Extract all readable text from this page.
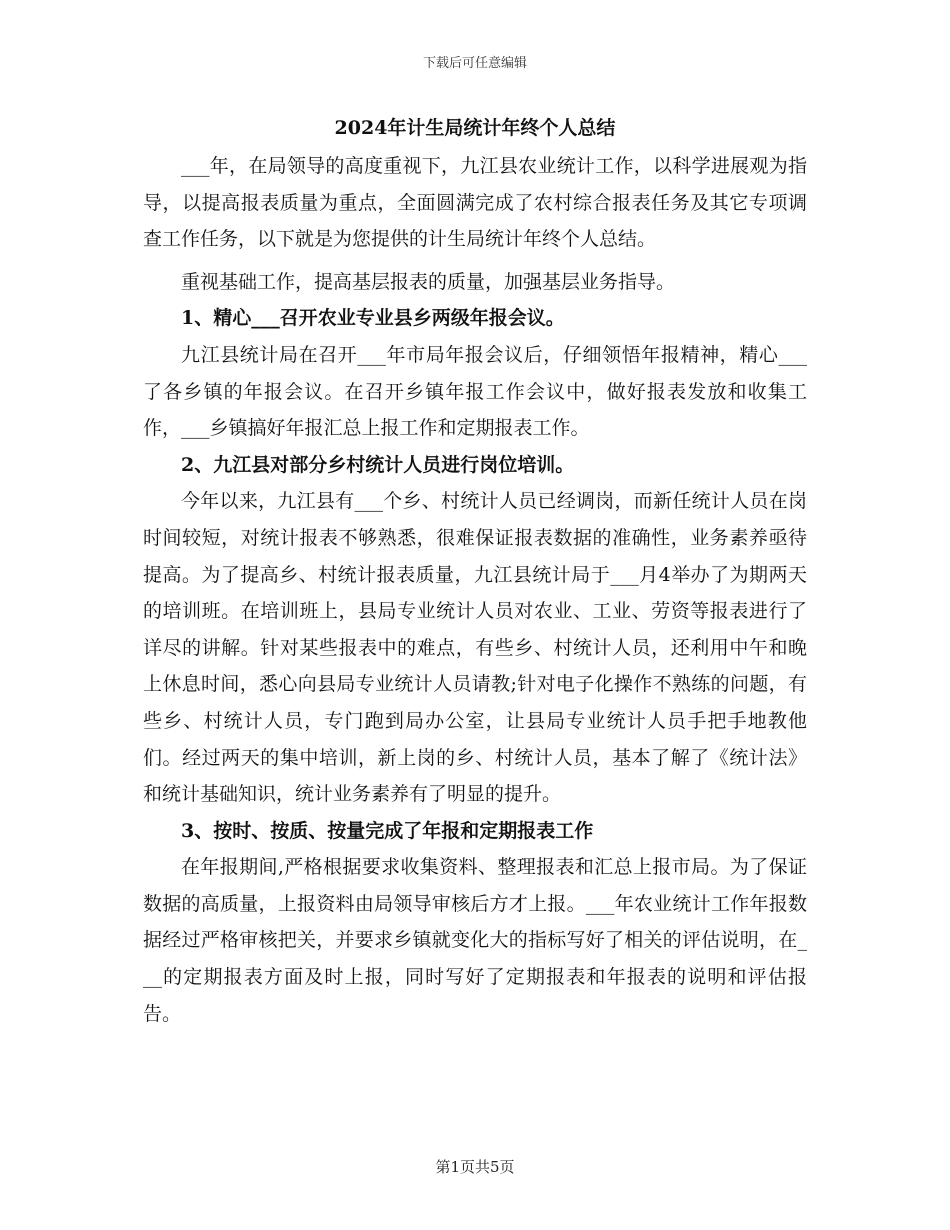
下载后可任意编辑
2024年计生局统计年终个人总结

___年，在局领导的高度重视下，九江县农业统计工作，以科学进展观为指导，以提高报表质量为重点，全面圆满完成了农村综合报表任务及其它专项调查工作任务，以下就是为您提供的计生局统计年终个人总结。

重视基础工作，提高基层报表的质量，加强基层业务指导。

1、精心___召开农业专业县乡两级年报会议。

九江县统计局在召开___年市局年报会议后，仔细领悟年报精神，精心___了各乡镇的年报会议。在召开乡镇年报工作会议中，做好报表发放和收集工作，___乡镇搞好年报汇总上报工作和定期报表工作。

2、九江县对部分乡村统计人员进行岗位培训。

今年以来，九江县有___个乡、村统计人员已经调岗，而新任统计人员在岗时间较短，对统计报表不够熟悉，很难保证报表数据的准确性，业务素养亟待提高。为了提高乡、村统计报表质量，九江县统计局于___月4举办了为期两天的培训班。在培训班上，县局专业统计人员对农业、工业、劳资等报表进行了详尽的讲解。针对某些报表中的难点，有些乡、村统计人员，还利用中午和晚上休息时间，悉心向县局专业统计人员请教;针对电子化操作不熟练的问题，有些乡、村统计人员，专门跑到局办公室，让县局专业统计人员手把手地教他们。经过两天的集中培训，新上岗的乡、村统计人员，基本了解了《统计法》和统计基础知识，统计业务素养有了明显的提升。

3、按时、按质、按量完成了年报和定期报表工作

在年报期间,严格根据要求收集资料、整理报表和汇总上报市局。为了保证数据的高质量，上报资料由局领导审核后方才上报。___年农业统计工作年报数据经过严格审核把关，并要求乡镇就变化大的指标写好了相关的评估说明，在___的定期报表方面及时上报，同时写好了定期报表和年报表的说明和评估报告。

第1页共5页
